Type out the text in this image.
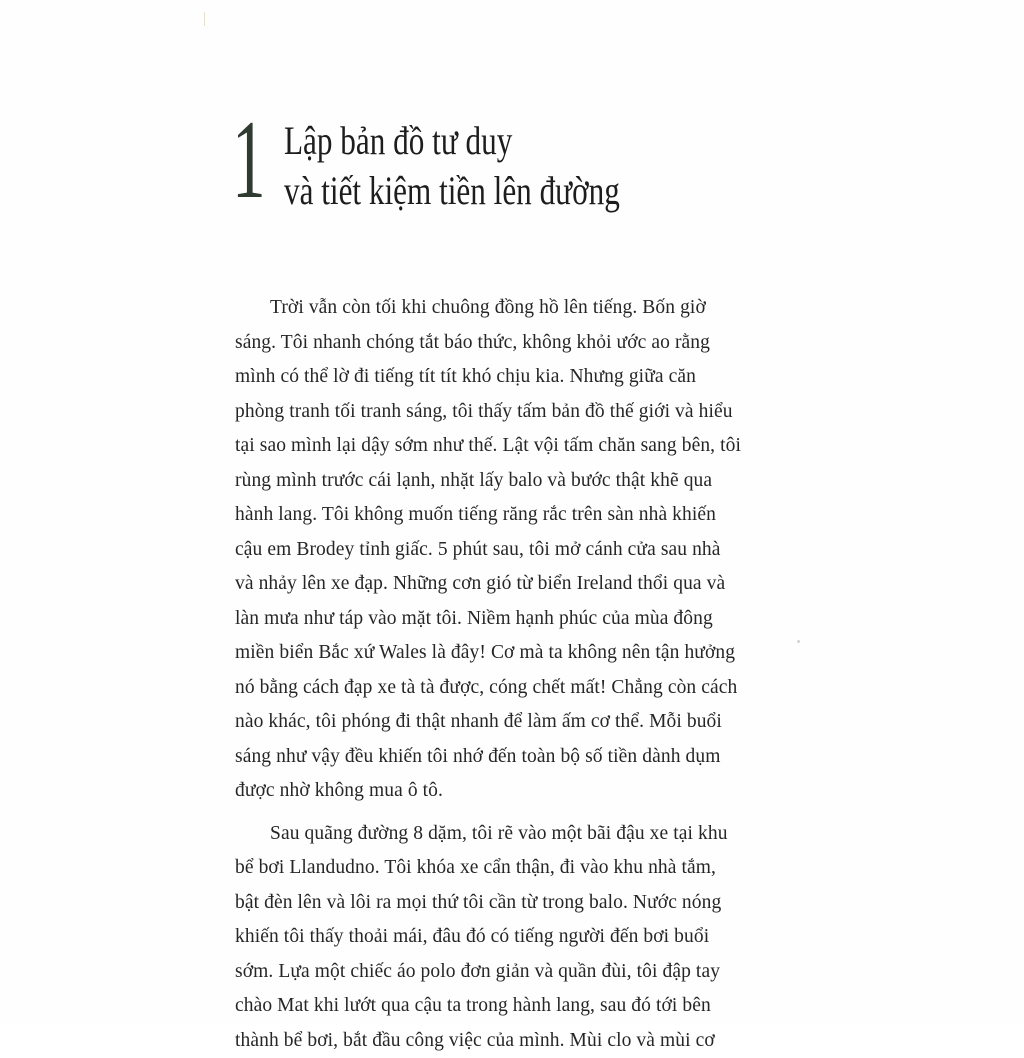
1 Lập bản đồ tư duy
và tiết kiệm tiền lên đường

Trời vẫn còn tối khi chuông đồng hồ lên tiếng. Bốn giờ
sáng. Tôi nhanh chóng tắt báo thức, không khỏi ước ao rằng
mình có thể lờ đi tiếng tít tít khó chịu kia. Nhưng giữa căn
phòng tranh tối tranh sáng, tôi thấy tấm bản đồ thế giới và hiểu
tại sao mình lại dậy sớm như thế. Lật vội tấm chăn sang bên, tôi
rùng mình trước cái lạnh, nhặt lấy balo và bước thật khẽ qua
hành lang. Tôi không muốn tiếng răng rắc trên sàn nhà khiến
cậu em Brodey tỉnh giấc. 5 phút sau, tôi mở cánh cửa sau nhà
và nhảy lên xe đạp. Những cơn gió từ biển Ireland thổi qua và
làn mưa như táp vào mặt tôi. Niềm hạnh phúc của mùa đông
miền biển Bắc xứ Wales là đây! Cơ mà ta không nên tận hưởng
nó bằng cách đạp xe tà tà được, cóng chết mất! Chẳng còn cách
nào khác, tôi phóng đi thật nhanh để làm ấm cơ thể. Mỗi buổi
sáng như vậy đều khiến tôi nhớ đến toàn bộ số tiền dành dụm
được nhờ không mua ô tô.

Sau quãng đường 8 dặm, tôi rẽ vào một bãi đậu xe tại khu
bể bơi Llandudno. Tôi khóa xe cẩn thận, đi vào khu nhà tắm,
bật đèn lên và lôi ra mọi thứ tôi cần từ trong balo. Nước nóng
khiến tôi thấy thoải mái, đâu đó có tiếng người đến bơi buổi
sớm. Lựa một chiếc áo polo đơn giản và quần đùi, tôi đập tay
chào Mat khi lướt qua cậu ta trong hành lang, sau đó tới bên
thành bể bơi, bắt đầu công việc của mình. Mùi clo và mùi cơ
